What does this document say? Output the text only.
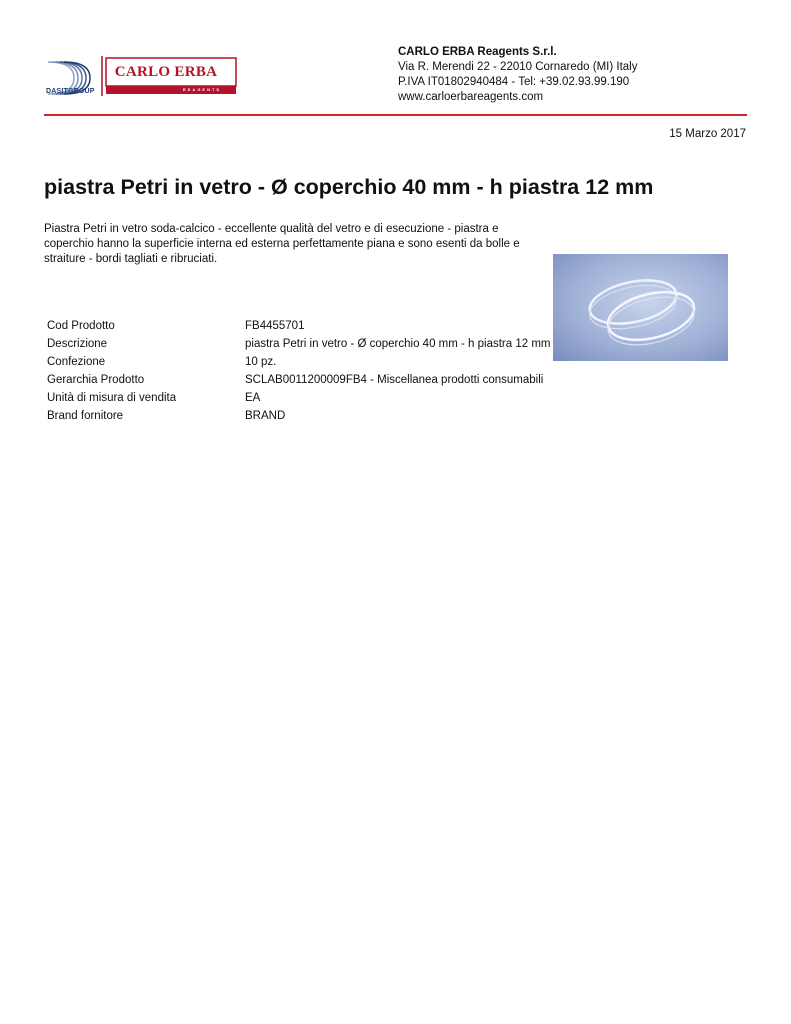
DASITGROUP
CARLO ERBA
REAGENTS
CARLO ERBA Reagents S.r.l.
Via R. Merendi 22 - 22010 Cornaredo (MI) Italy
P.IVA IT01802940484 - Tel: +39.02.93.99.190
www.carloerbareagents.com
15 Marzo 2017
piastra Petri in vetro - Ø coperchio 40 mm - h piastra 12 mm

Piastra Petri in vetro soda-calcico - eccellente qualità del vetro e di esecuzione - piastra e coperchio hanno la superficie interna ed esterna perfettamente piana e sono esenti da bolle e straiture - bordi tagliati e ribruciati.

Cod Prodotto	FB4455701
Descrizione	piastra Petri in vetro - Ø coperchio 40 mm - h piastra 12 mm
Confezione	10 pz.
Gerarchia Prodotto	SCLAB0011200009FB4 - Miscellanea prodotti consumabili
Unità di misura di vendita	EA
Brand fornitore	BRAND
